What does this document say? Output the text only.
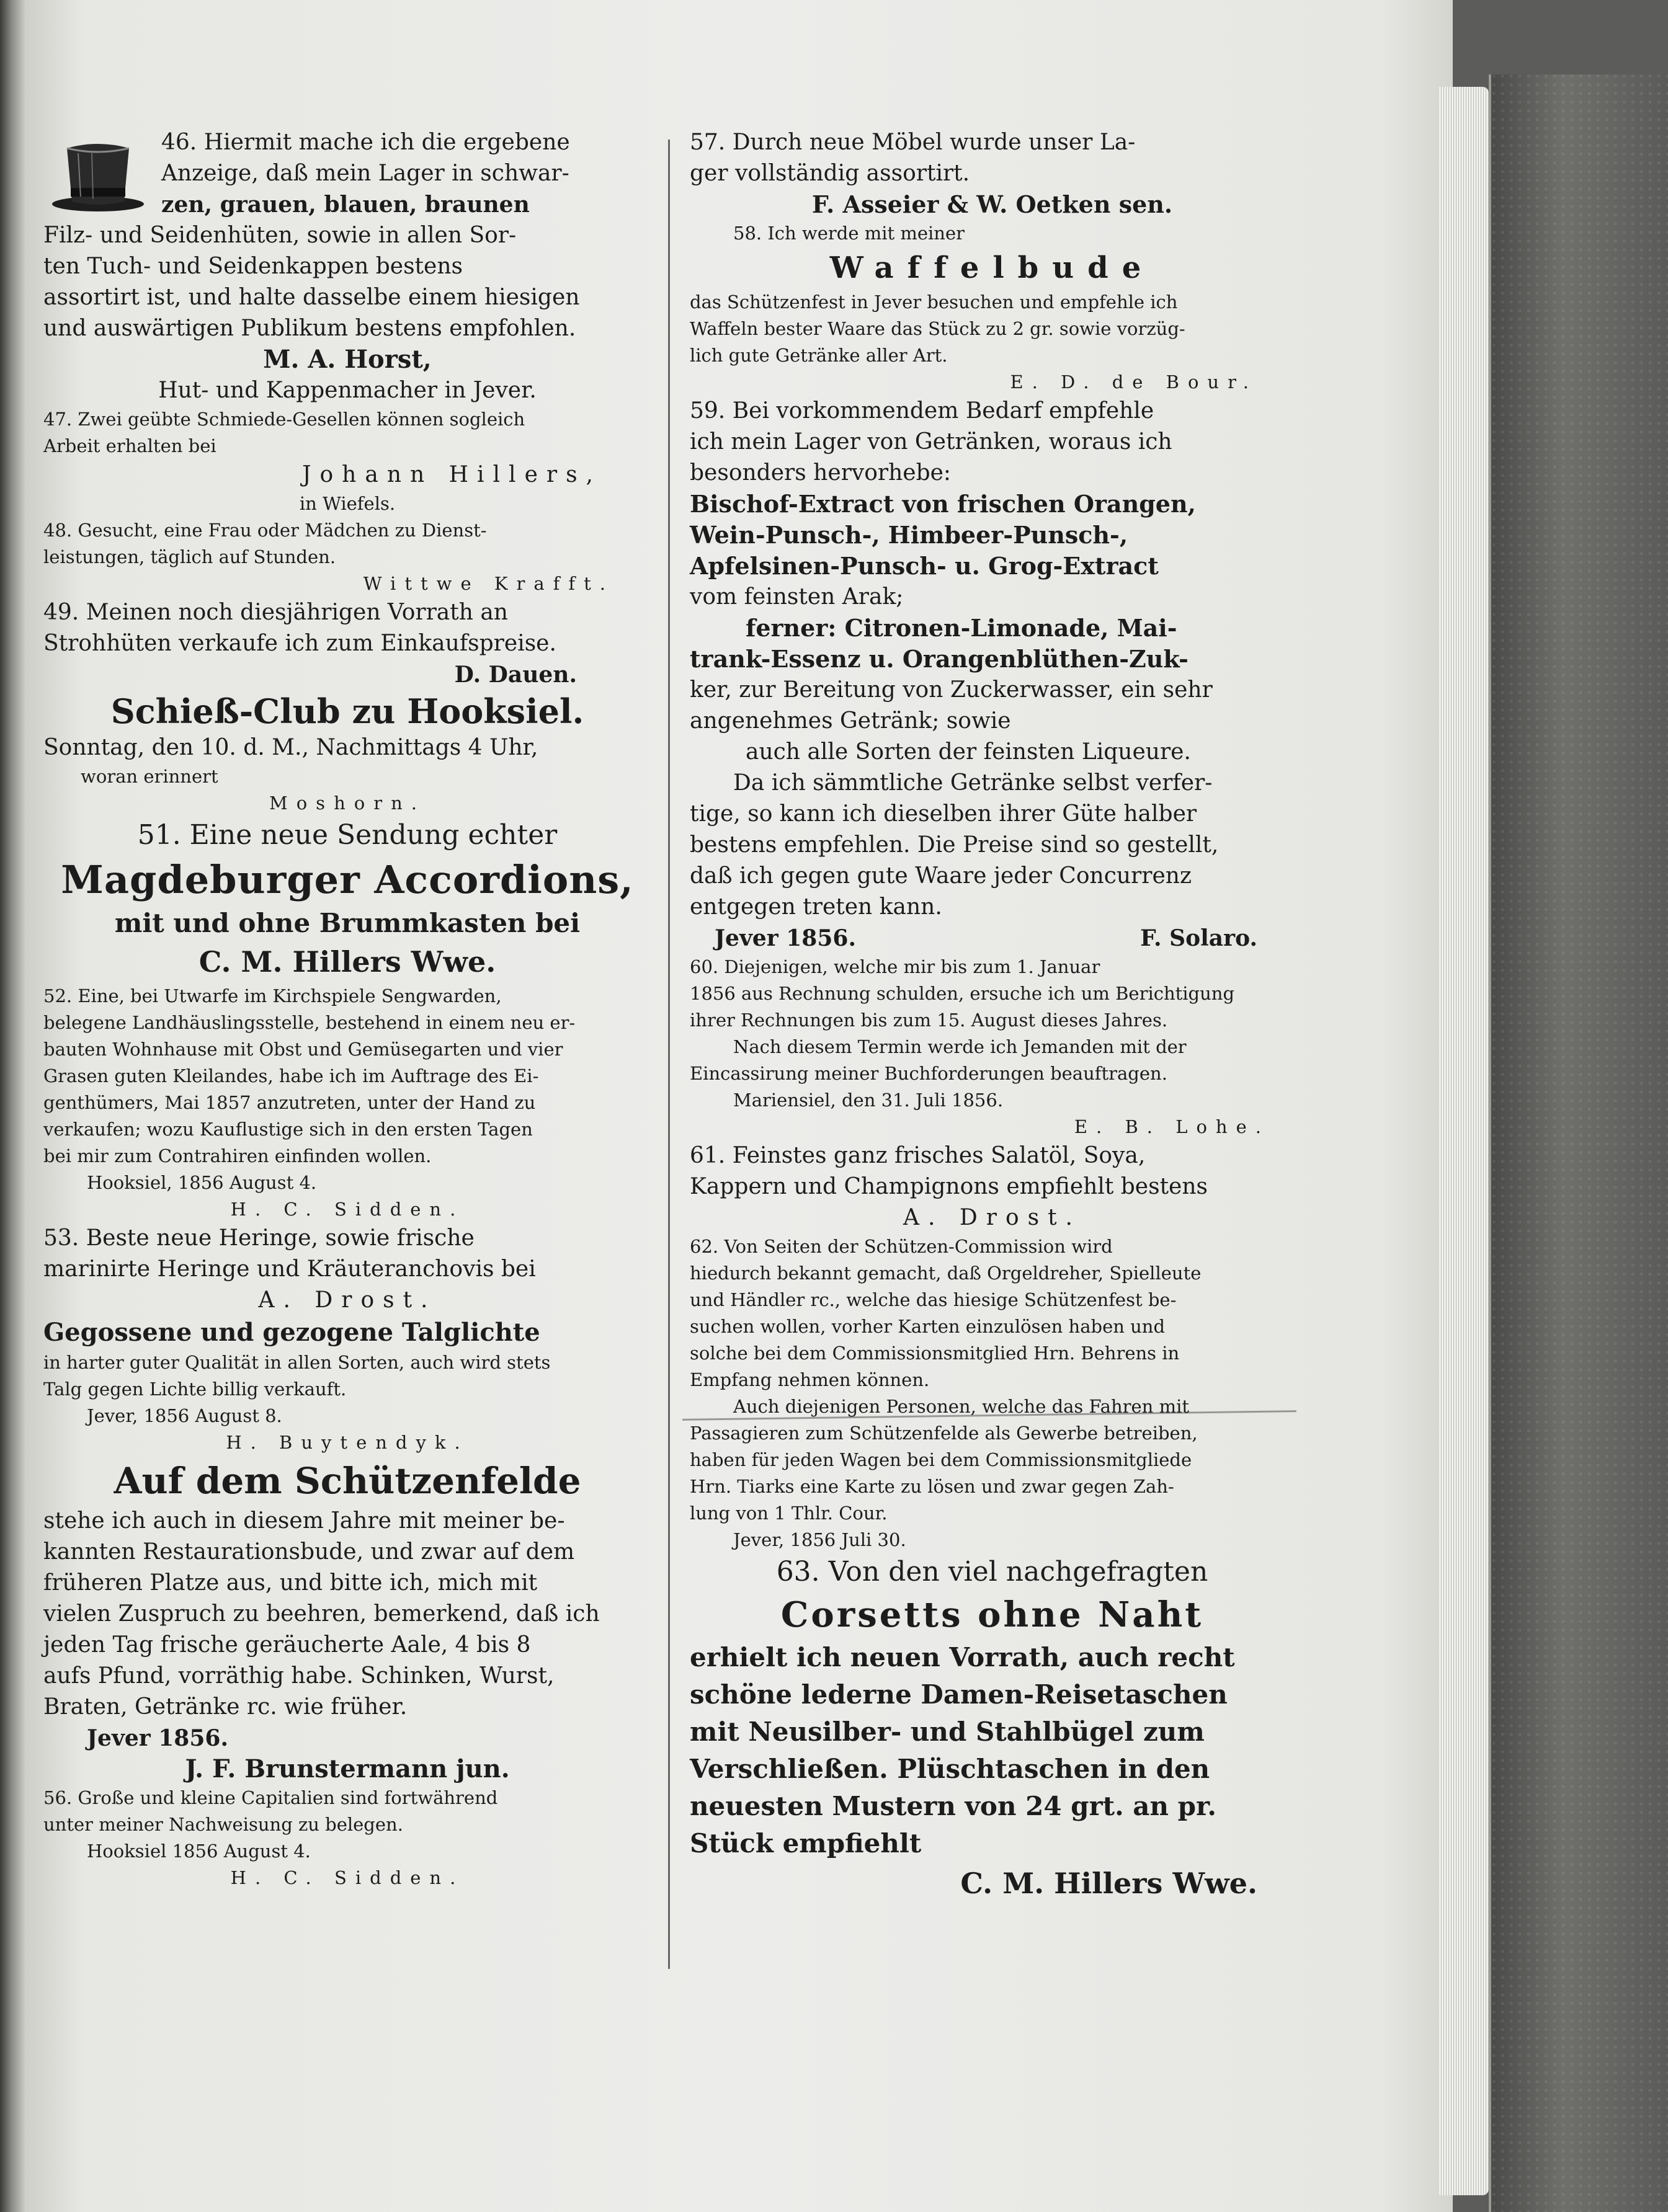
46. Hiermit mache ich die ergebene

Anzeige, daß mein Lager in schwar-

zen, grauen, blauen, braunen

Filz- und Seidenhüten, sowie in allen Sor-

ten Tuch- und Seidenkappen bestens

assortirt ist, und halte dasselbe einem hiesigen

und auswärtigen Publikum bestens empfohlen.

M. A. Horst,

Hut- und Kappenmacher in Jever.

47. Zwei geübte Schmiede-Gesellen können sogleich

Arbeit erhalten bei

Johann Hillers,

in Wiefels.

48. Gesucht, eine Frau oder Mädchen zu Dienst-

leistungen, täglich auf Stunden.

Wittwe Krafft.

49. Meinen noch diesjährigen Vorrath an

Strohhüten verkaufe ich zum Einkaufspreise.

D. Dauen.

Schieß-Club zu Hooksiel.

Sonntag, den 10. d. M., Nachmittags 4 Uhr,

woran erinnert

Moshorn.

51. Eine neue Sendung echter

Magdeburger Accordions,

mit und ohne Brummkasten bei

C. M. Hillers Wwe.

52. Eine, bei Utwarfe im Kirchspiele Sengwarden,

belegene Landhäuslingsstelle, bestehend in einem neu er-

bauten Wohnhause mit Obst und Gemüsegarten und vier

Grasen guten Kleilandes, habe ich im Auftrage des Ei-

genthümers, Mai 1857 anzutreten, unter der Hand zu

verkaufen; wozu Kauflustige sich in den ersten Tagen

bei mir zum Contrahiren einfinden wollen.

Hooksiel, 1856 August 4.

H. C. Sidden.

53. Beste neue Heringe, sowie frische

marinirte Heringe und Kräuteranchovis bei

A. Drost.

Gegossene und gezogene Talglichte

in harter guter Qualität in allen Sorten, auch wird stets

Talg gegen Lichte billig verkauft.

Jever, 1856 August 8.

H. Buytendyk.

Auf dem Schützenfelde

stehe ich auch in diesem Jahre mit meiner be-

kannten Restaurationsbude, und zwar auf dem

früheren Platze aus, und bitte ich, mich mit

vielen Zuspruch zu beehren, bemerkend, daß ich

jeden Tag frische geräucherte Aale, 4 bis 8

aufs Pfund, vorräthig habe. Schinken, Wurst,

Braten, Getränke rc. wie früher.

Jever 1856.

J. F. Brunstermann jun.

56. Große und kleine Capitalien sind fortwährend

unter meiner Nachweisung zu belegen.

Hooksiel 1856 August 4.

H. C. Sidden.

57. Durch neue Möbel wurde unser La-

ger vollständig assortirt.

F. Asseier & W. Oetken sen.

58. Ich werde mit meiner

Waffelbude

das Schützenfest in Jever besuchen und empfehle ich

Waffeln bester Waare das Stück zu 2 gr. sowie vorzüg-

lich gute Getränke aller Art.

E. D. de Bour.

59. Bei vorkommendem Bedarf empfehle

ich mein Lager von Getränken, woraus ich

besonders hervorhebe:

Bischof-Extract von frischen Orangen,

Wein-Punsch-, Himbeer-Punsch-,

Apfelsinen-Punsch- u. Grog-Extract

vom feinsten Arak;

ferner: Citronen-Limonade, Mai-

trank-Essenz u. Orangenblüthen-Zuk-

ker, zur Bereitung von Zuckerwasser, ein sehr

angenehmes Getränk; sowie

auch alle Sorten der feinsten Liqueure.

Da ich sämmtliche Getränke selbst verfer-

tige, so kann ich dieselben ihrer Güte halber

bestens empfehlen. Die Preise sind so gestellt,

daß ich gegen gute Waare jeder Concurrenz

entgegen treten kann.

Jever 1856.	F. Solaro.

60. Diejenigen, welche mir bis zum 1. Januar

1856 aus Rechnung schulden, ersuche ich um Berichtigung

ihrer Rechnungen bis zum 15. August dieses Jahres.

Nach diesem Termin werde ich Jemanden mit der

Eincassirung meiner Buchforderungen beauftragen.

Mariensiel, den 31. Juli 1856.

E. B. Lohe.

61. Feinstes ganz frisches Salatöl, Soya,

Kappern und Champignons empfiehlt bestens

A. Drost.

62. Von Seiten der Schützen-Commission wird

hiedurch bekannt gemacht, daß Orgeldreher, Spielleute

und Händler rc., welche das hiesige Schützenfest be-

suchen wollen, vorher Karten einzulösen haben und

solche bei dem Commissionsmitglied Hrn. Behrens in

Empfang nehmen können.

Auch diejenigen Personen, welche das Fahren mit

Passagieren zum Schützenfelde als Gewerbe betreiben,

haben für jeden Wagen bei dem Commissionsmitgliede

Hrn. Tiarks eine Karte zu lösen und zwar gegen Zah-

lung von 1 Thlr. Cour.

Jever, 1856 Juli 30.

63. Von den viel nachgefragten

Corsetts ohne Naht

erhielt ich neuen Vorrath, auch recht

schöne lederne Damen-Reisetaschen

mit Neusilber- und Stahlbügel zum

Verschließen. Plüschtaschen in den

neuesten Mustern von 24 grt. an pr.

Stück empfiehlt

C. M. Hillers Wwe.
